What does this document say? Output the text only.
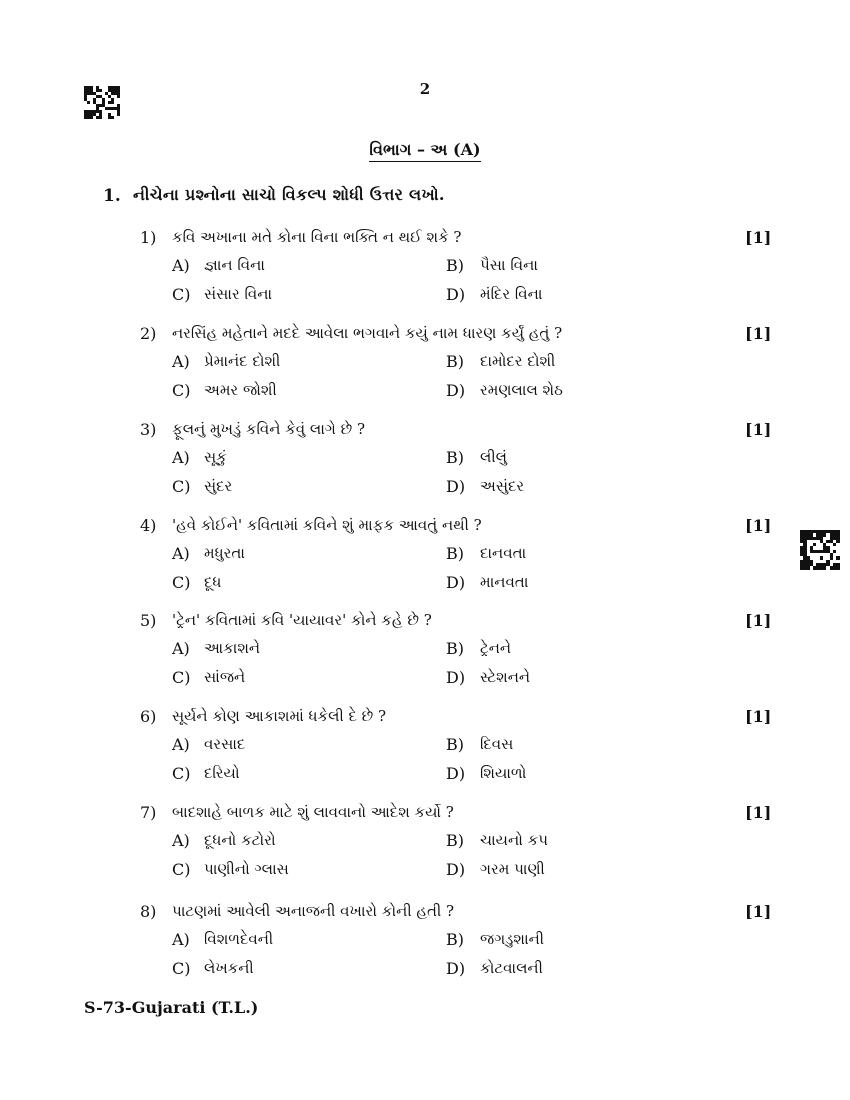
2
વિભાગ – અ (A)
1. નીચેના પ્રશ્નોના સાચો વિકલ્પ શોધી ઉત્તર લખો.
1) કવિ અખાના મતે કોના વિના ભક્તિ ન થઈ શકે ?	[1]
A) જ્ઞાન વિના	B) પૈસા વિના
C) સંસાર વિના	D) મંદિર વિના
2) નરસિંહ મહેતાને મદદે આવેલા ભગવાને કયું નામ ધારણ કર્યું હતું ?	[1]
A) પ્રેમાનંદ દોશી	B) દામોદર દોશી
C) અમર જોશી	D) રમણલાલ શેઠ
3) ફૂલનું મુખડું કવિને કેવું લાગે છે ?	[1]
A) સૂકું	B) લીલું
C) સુંદર	D) અસુંદર
4) 'હવે કોઈને' કવિતામાં કવિને શું માફક આવતું નથી ?	[1]
A) મધુરતા	B) દાનવતા
C) દૂધ	D) માનવતા
5) 'ટ્રેન' કવિતામાં કવિ 'યાયાવર' કોને કહે છે ?	[1]
A) આકાશને	B) ટ્રેનને
C) સાંજને	D) સ્ટેશનને
6) સૂર્યને કોણ આકાશમાં ધકેલી દે છે ?	[1]
A) વરસાદ	B) દિવસ
C) દરિયો	D) શિયાળો
7) બાદશાહે બાળક માટે શું લાવવાનો આદેશ કર્યો ?	[1]
A) દૂધનો કટોરો	B) ચાયનો કપ
C) પાણીનો ગ્લાસ	D) ગરમ પાણી
8) પાટણમાં આવેલી અનાજની વખારો કોની હતી ?	[1]
A) વિશળદેવની	B) જગડુશાની
C) લેખકની	D) કોટવાલની
S-73-Gujarati (T.L.)
